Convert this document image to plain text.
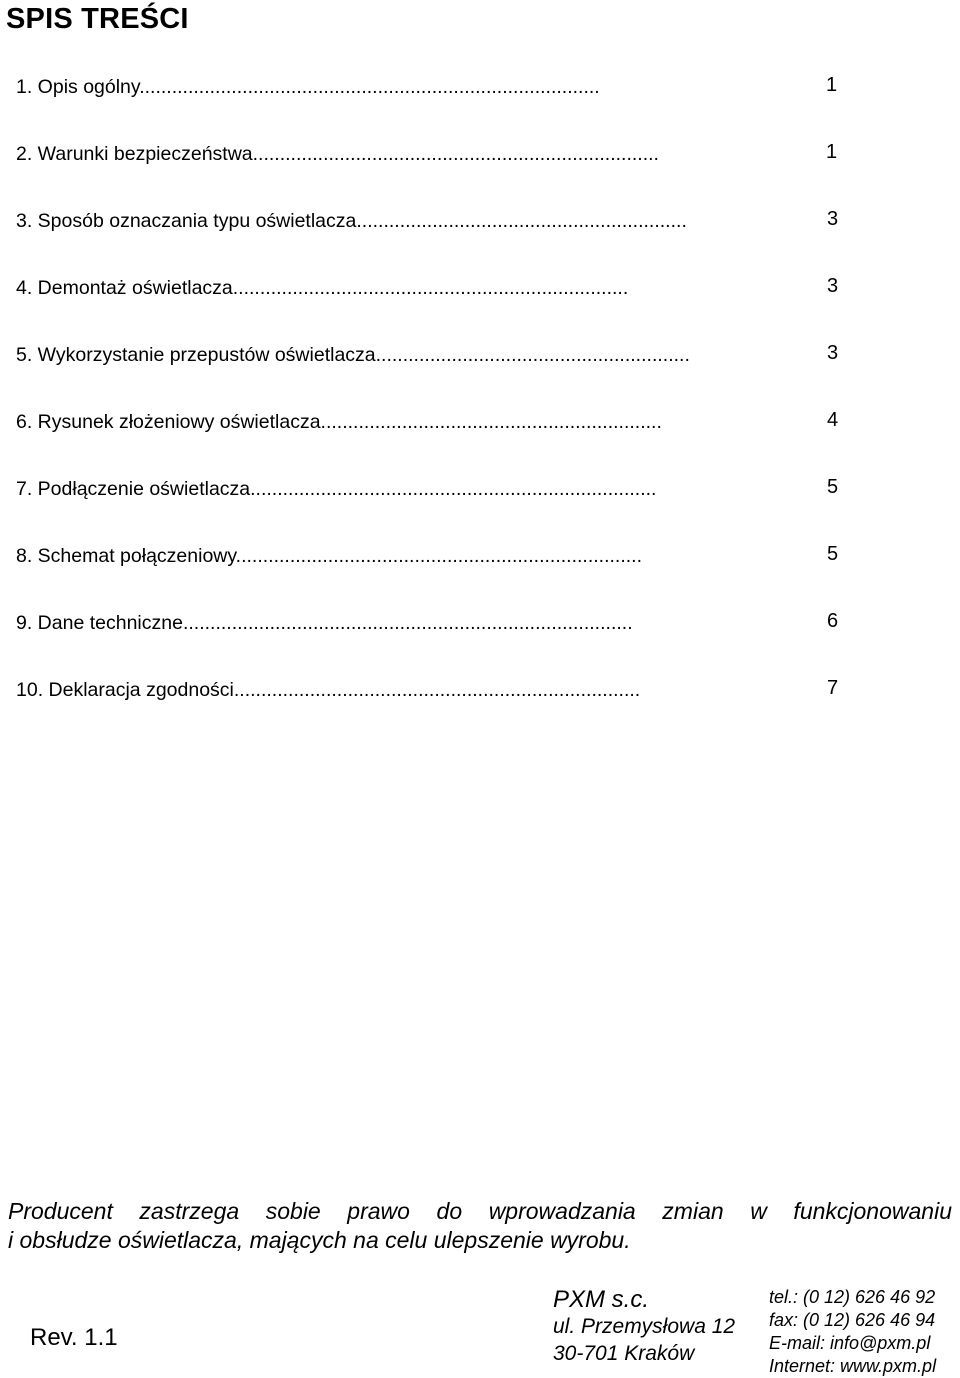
SPIS TREŚCI
1. Opis ogólny.....................................................................................	1
2. Warunki bezpieczeństwa...........................................................................	1
3. Sposób oznaczania typu oświetlacza.............................................................	3
4. Demontaż oświetlacza.........................................................................	3
5. Wykorzystanie przepustów oświetlacza..........................................................	3
6. Rysunek złożeniowy oświetlacza...............................................................	4
7. Podłączenie oświetlacza...........................................................................	5
8. Schemat połączeniowy...........................................................................	5
9. Dane techniczne...................................................................................	6
10. Deklaracja zgodności...........................................................................	7
Producent zastrzega sobie prawo do wprowadzania zmian w funkcjonowaniu
i obsłudze oświetlacza, mających na celu ulepszenie wyrobu.
Rev. 1.1
PXM s.c.
ul. Przemysłowa 12
30-701 Kraków
tel.: (0 12) 626 46 92
fax: (0 12) 626 46 94
E-mail: info@pxm.pl
Internet: www.pxm.pl
